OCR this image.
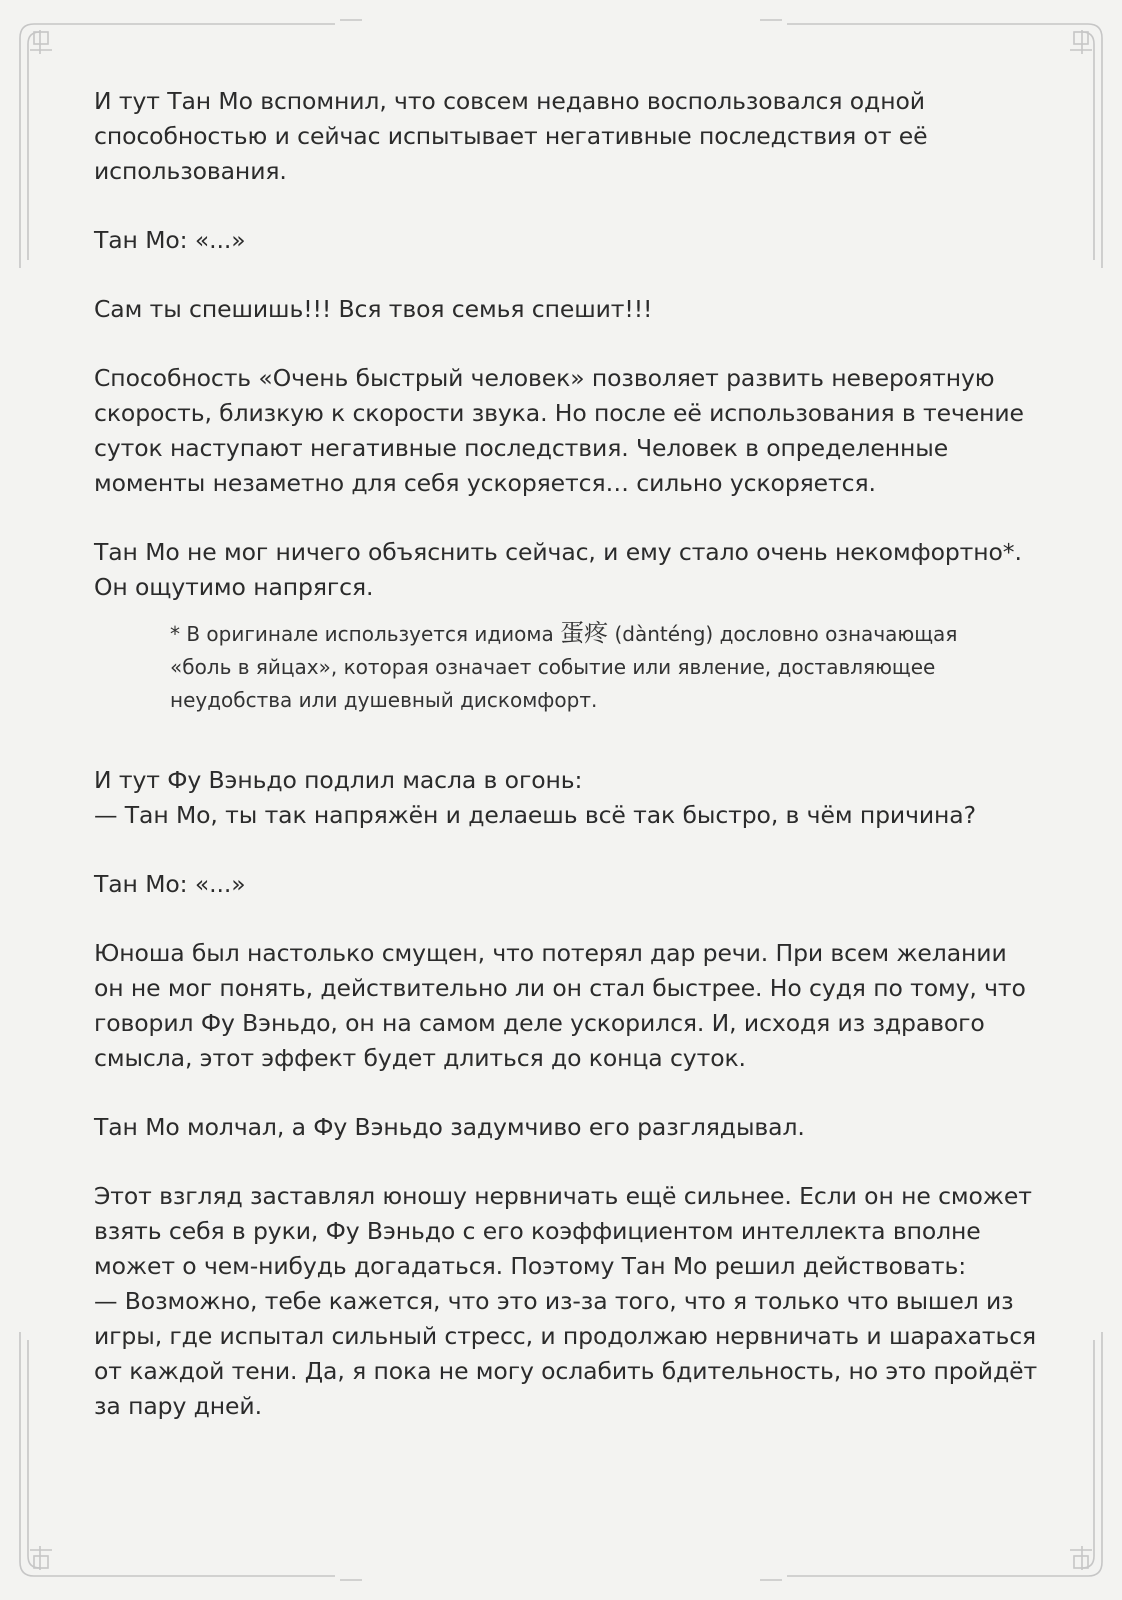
И тут Тан Мо вспомнил, что совсем недавно воспользовался одной
способностью и сейчас испытывает негативные последствия от её
использования.

Тан Мо: «...»

Сам ты спешишь!!! Вся твоя семья спешит!!!

Способность «Очень быстрый человек» позволяет развить невероятную
скорость, близкую к скорости звука. Но после её использования в течение
суток наступают негативные последствия. Человек в определенные
моменты незаметно для себя ускоряется… сильно ускоряется.

Тан Мо не мог ничего объяснить сейчас, и ему стало очень некомфортно*.
Он ощутимо напрягся.

* В оригинале используется идиома 蛋疼 (dànténg) дословно означающая
«боль в яйцах», которая означает событие или явление, доставляющее
неудобства или душевный дискомфорт.

И тут Фу Вэньдо подлил масла в огонь:
— Тан Мо, ты так напряжён и делаешь всё так быстро, в чём причина?

Тан Мо: «...»

Юноша был настолько смущен, что потерял дар речи. При всем желании
он не мог понять, действительно ли он стал быстрее. Но судя по тому, что
говорил Фу Вэньдо, он на самом деле ускорился. И, исходя из здравого
смысла, этот эффект будет длиться до конца суток.

Тан Мо молчал, а Фу Вэньдо задумчиво его разглядывал.

Этот взгляд заставлял юношу нервничать ещё сильнее. Если он не сможет
взять себя в руки, Фу Вэньдо с его коэффициентом интеллекта вполне
может о чем-нибудь догадаться. Поэтому Тан Мо решил действовать:
— Возможно, тебе кажется, что это из-за того, что я только что вышел из
игры, где испытал сильный стресс, и продолжаю нервничать и шарахаться
от каждой тени. Да, я пока не могу ослабить бдительность, но это пройдёт
за пару дней.
